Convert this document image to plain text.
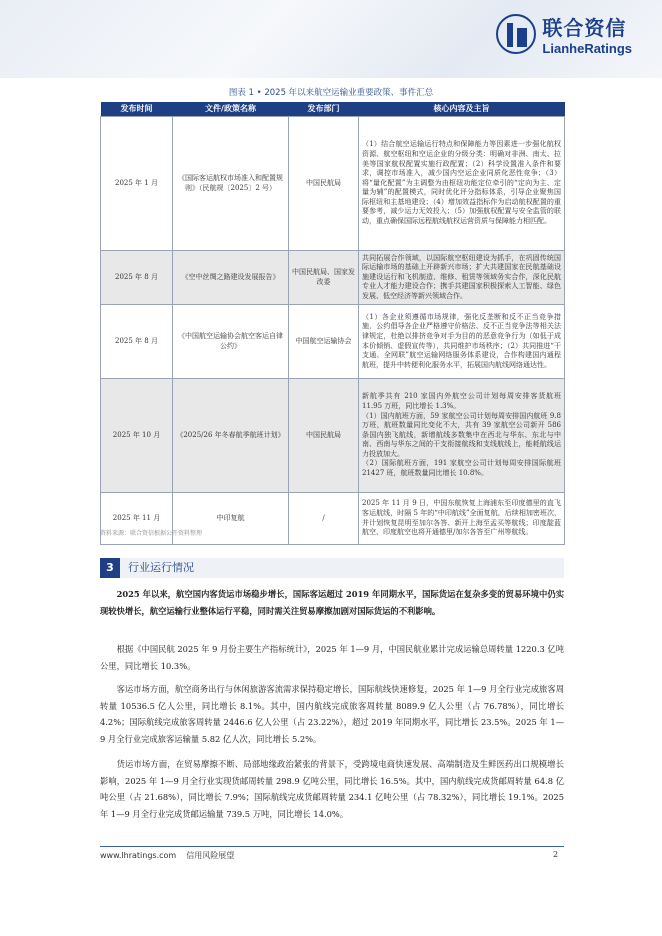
联合资信
LianheRatings
图表 1 • 2025 年以来航空运输业重要政策、事件汇总
发布时间	文件/政策名称	发布部门	核心内容及主旨
2025 年 1 月	《国际客运航权市场准入和配置规则》（民航规〔2025〕2 号）	中国民航局	（1）结合航空运输运行特点和保障能力等因素进一步强化航权资源、航空枢纽和空运企业的分级分类：明确对非洲、南太、拉美等国家航权配置实施行政配置；（2）科学设置准入条件和要求，调控市场准入，减少国内空运企业同质化恶性竞争；（3）将“量化配置”为主调整为由枢纽功能定位牵引的“定向为主、定量为辅”的配置模式，同时优化评分指标体系，引导企业聚焦国际枢纽和主基地建设；（4）增加效益指标作为启动航权配置的重要参考，减少运力无效投入；（5）加强航权配置与安全监管的联动，重点确保国际远程航线航权运营资质与保障能力相匹配。
2025 年 8 月	《空中丝绸之路建设发展报告》	中国民航局、国家发改委	共同拓展合作领域，以国际航空枢纽建设为抓手，在巩固传统国际运输市场的基础上开辟新兴市场；扩大共建国家在民航基础设施建设运行和飞机制造、维修、租赁等领域务实合作，深化民航专业人才能力建设合作；携手共建国家积极探索人工智能、绿色发展、低空经济等新兴领域合作。
2025 年 8 月	《中国航空运输协会航空客运自律公约》	中国航空运输协会	（1）各企业须遵循市场规律，强化反垄断和反不正当竞争措施，公约倡导各企业严格遵守价格法、反不正当竞争法等相关法律规定，杜绝以排挤竞争对手为目的的恶意竞争行为（如低于成本价倾销、虚假宣传等），共同维护市场秩序；（2）共同推进“干支通、全网联”航空运输网络服务体系建设，合作构建国内通程航班，提升中转便利化服务水平，拓展国内航线网络通达性。
2025 年 10 月	《2025/26 年冬春航季航班计划》	中国民航局	新航季共有 210 家国内外航空公司计划每周安排客货航班 11.95 万班，同比增长 1.3%。
（1）国内航班方面，59 家航空公司计划每周安排国内航班 9.8 万班，航班数量同比变化不大，共有 39 家航空公司新开 586 条国内独飞航线，新增航线多数集中在西北与华东、东北与中南、西南与华东之间的干支衔接航线和支线航线上，能耗航线运力投放加大。
（2）国际航班方面，191 家航空公司计划每周安排国际航班 21427 班，航班数量同比增长 10.8%。

2025 年 11 月	中印复航	/	2025 年 11 月 9 日，中国东航恢复上海浦东至印度德里的直飞客运航线，时隔 5 年的“中印航线”全面复航，后续相加密班次，并计划恢复昆明至加尔各答、新开上海至孟买等航线；印度靛蓝航空、印度航空也将开通德里/加尔各答至广州等航线。
资料来源：联合资信根据公开资料整理
3	行业运行情况
2025 年以来，航空国内客货运市场稳步增长，国际客运超过 2019 年同期水平，国际货运在复杂多变的贸易环境中仍实现较快增长，航空运输行业整体运行平稳，同时需关注贸易摩擦加剧对国际货运的不利影响。
根据《中国民航 2025 年 9 月份主要生产指标统计》，2025 年 1—9 月，中国民航业累计完成运输总周转量 1220.3 亿吨公里，同比增长 10.3%。
客运市场方面，航空商务出行与休闲旅游客流需求保持稳定增长，国际航线快速修复，2025 年 1—9 月全行业完成旅客周转量 10536.5 亿人公里，同比增长 8.1%。其中，国内航线完成旅客周转量 8089.9 亿人公里（占 76.78%），同比增长 4.2%；国际航线完成旅客周转量 2446.6 亿人公里（占 23.22%），超过 2019 年同期水平，同比增长 23.5%。2025 年 1—9 月全行业完成旅客运输量 5.82 亿人次，同比增长 5.2%。
货运市场方面，在贸易摩擦不断、局部地缘政治紧张的背景下，受跨境电商快速发展、高端制造及生鲜医药出口规模增长影响，2025 年 1—9 月全行业实现货邮周转量 298.9 亿吨公里，同比增长 16.5%。其中，国内航线完成货邮周转量 64.8 亿吨公里（占 21.68%），同比增长 7.9%；国际航线完成货邮周转量 234.1 亿吨公里（占 78.32%），同比增长 19.1%。2025 年 1—9 月全行业完成货邮运输量 739.5 万吨，同比增长 14.0%。
www.lhratings.com 信用风险展望	2
